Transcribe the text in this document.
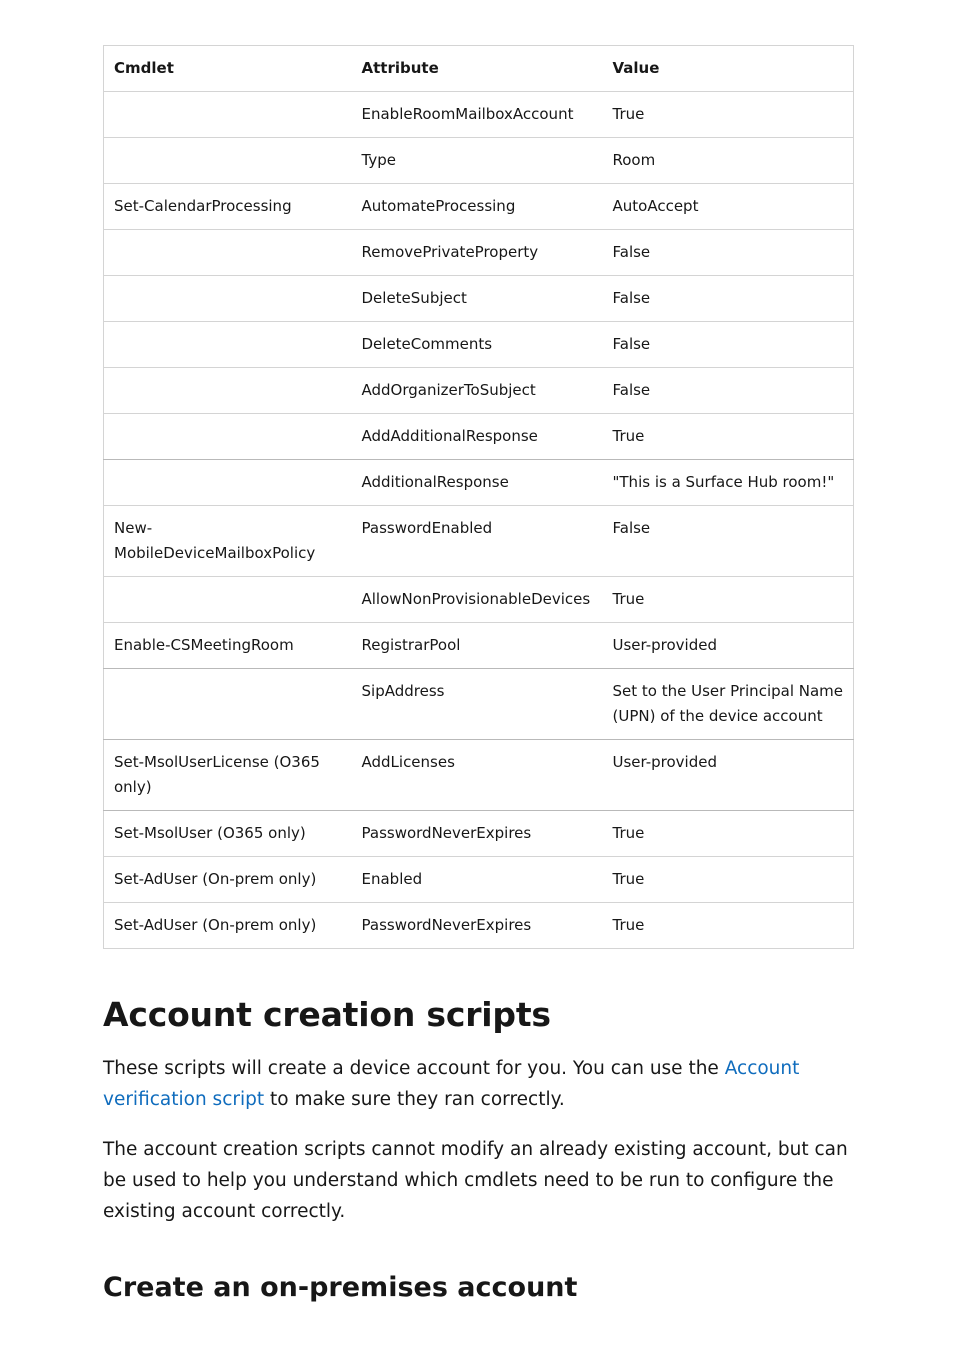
Cmdlet	Attribute	Value
	EnableRoomMailboxAccount	True
	Type	Room
Set-CalendarProcessing	AutomateProcessing	AutoAccept
	RemovePrivateProperty	False
	DeleteSubject	False
	DeleteComments	False
	AddOrganizerToSubject	False
	AddAdditionalResponse	True
	AdditionalResponse	"This is a Surface Hub room!"
New-MobileDeviceMailboxPolicy	PasswordEnabled	False
	AllowNonProvisionableDevices	True
Enable-CSMeetingRoom	RegistrarPool	User-provided
	SipAddress	Set to the User Principal Name (UPN) of the device account
Set-MsolUserLicense (O365 only)	AddLicenses	User-provided
Set-MsolUser (O365 only)	PasswordNeverExpires	True
Set-AdUser (On-prem only)	Enabled	True
Set-AdUser (On-prem only)	PasswordNeverExpires	True
Account creation scripts

These scripts will create a device account for you. You can use the Account verification script to make sure they ran correctly.

The account creation scripts cannot modify an already existing account, but can be used to help you understand which cmdlets need to be run to configure the existing account correctly.

Create an on-premises account
